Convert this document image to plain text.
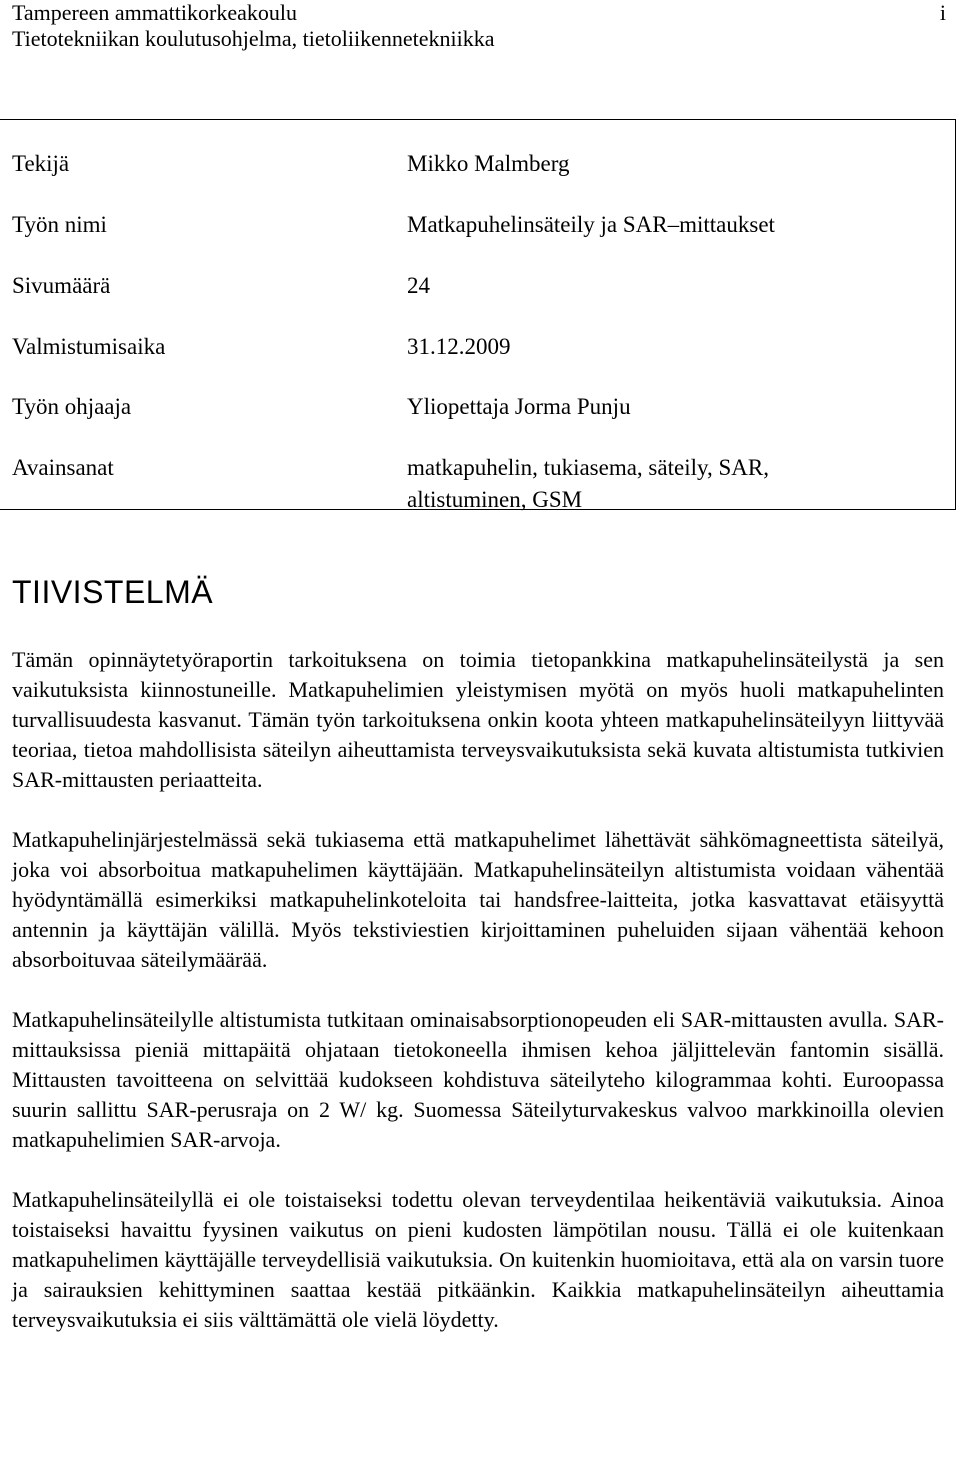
Tampereen ammattikorkeakoulu
Tietotekniikan koulutusohjelma, tietoliikennetekniikka
i
Tekijä	Mikko Malmberg
Työn nimi	Matkapuhelinsäteily ja SAR–mittaukset
Sivumäärä	24
Valmistumisaika	31.12.2009
Työn ohjaaja	Yliopettaja Jorma Punju
Avainsanat	matkapuhelin, tukiasema, säteily, SAR,
altistuminen, GSM
TIIVISTELMÄ

Tämän opinnäytetyöraportin tarkoituksena on toimia tietopankkina matkapuhelinsäteilystä ja sen vaikutuksista kiinnostuneille. Matkapuhelimien yleistymisen myötä on myös huoli matkapuhelinten turvallisuudesta kasvanut. Tämän työn tarkoituksena onkin koota yhteen matkapuhelinsäteilyyn liittyvää teoriaa, tietoa mahdollisista säteilyn aiheuttamista terveysvaikutuksista sekä kuvata altistumista tutkivien SAR-mittausten periaatteita.

Matkapuhelinjärjestelmässä sekä tukiasema että matkapuhelimet lähettävät sähkömagneettista säteilyä, joka voi absorboitua matkapuhelimen käyttäjään. Matkapuhelinsäteilyn altistumista voidaan vähentää hyödyntämällä esimerkiksi matkapuhelinkoteloita tai handsfree-laitteita, jotka kasvattavat etäisyyttä antennin ja käyttäjän välillä. Myös tekstiviestien kirjoittaminen puheluiden sijaan vähentää kehoon absorboituvaa säteilymäärää.

Matkapuhelinsäteilylle altistumista tutkitaan ominaisabsorptionopeuden eli SAR-mittausten avulla. SAR-mittauksissa pieniä mittapäitä ohjataan tietokoneella ihmisen kehoa jäljittelevän fantomin sisällä. Mittausten tavoitteena on selvittää kudokseen kohdistuva säteilyteho kilogrammaa kohti. Euroopassa suurin sallittu SAR-perusraja on 2 W/ kg. Suomessa Säteilyturvakeskus valvoo markkinoilla olevien matkapuhelimien SAR-arvoja.

Matkapuhelinsäteilyllä ei ole toistaiseksi todettu olevan terveydentilaa heikentäviä vaikutuksia. Ainoa toistaiseksi havaittu fyysinen vaikutus on pieni kudosten lämpötilan nousu. Tällä ei ole kuitenkaan matkapuhelimen käyttäjälle terveydellisiä vaikutuksia. On kuitenkin huomioitava, että ala on varsin tuore ja sairauksien kehittyminen saattaa kestää pitkäänkin. Kaikkia matkapuhelinsäteilyn aiheuttamia terveysvaikutuksia ei siis välttämättä ole vielä löydetty.
